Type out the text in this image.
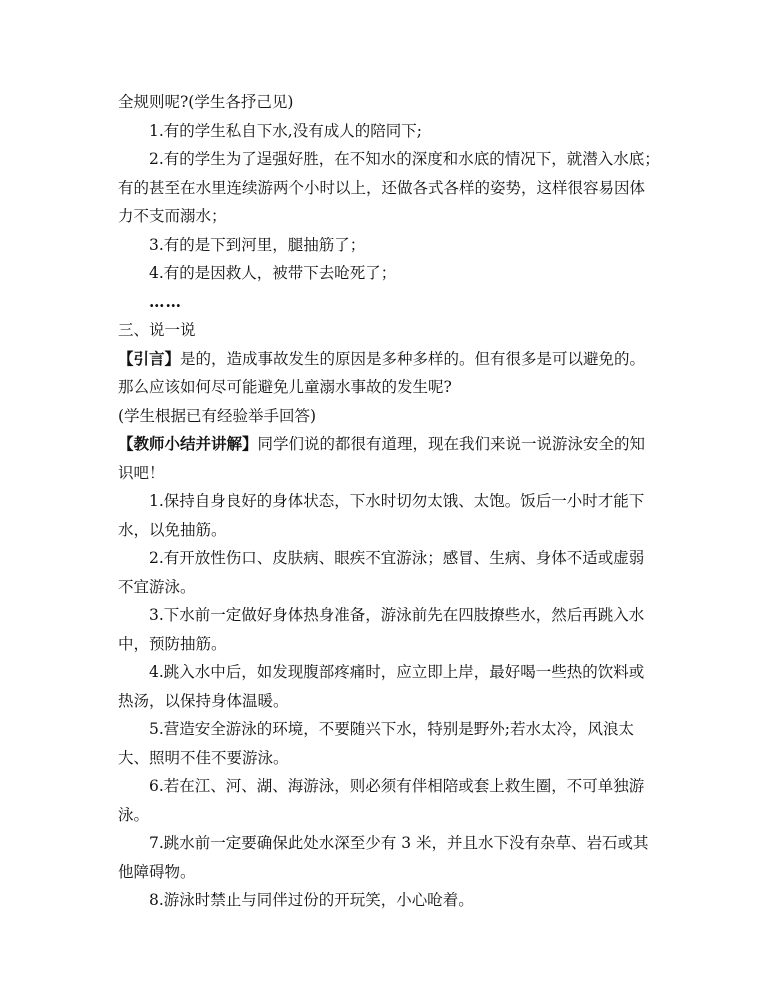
全规则呢?(学生各抒己见)

1.有的学生私自下水,没有成人的陪同下;

2.有的学生为了逞强好胜，在不知水的深度和水底的情况下，就潜入水底；

有的甚至在水里连续游两个小时以上，还做各式各样的姿势，这样很容易因体

力不支而溺水；

3.有的是下到河里，腿抽筋了；

4.有的是因救人，被带下去呛死了；

……

三、说一说

【引言】是的，造成事故发生的原因是多种多样的。但有很多是可以避免的。

那么应该如何尽可能避免儿童溺水事故的发生呢?

(学生根据已有经验举手回答)

【教师小结并讲解】同学们说的都很有道理，现在我们来说一说游泳安全的知

识吧！

1.保持自身良好的身体状态，下水时切勿太饿、太饱。饭后一小时才能下

水，以免抽筋。

2.有开放性伤口、皮肤病、眼疾不宜游泳；感冒、生病、身体不适或虚弱

不宜游泳。

3.下水前一定做好身体热身准备，游泳前先在四肢撩些水，然后再跳入水

中，预防抽筋。

4.跳入水中后，如发现腹部疼痛时，应立即上岸，最好喝一些热的饮料或

热汤，以保持身体温暖。

5.营造安全游泳的环境，不要随兴下水，特别是野外;若水太冷，风浪太

大、照明不佳不要游泳。

6.若在江、河、湖、海游泳，则必须有伴相陪或套上救生圈，不可单独游

泳。

7.跳水前一定要确保此处水深至少有 3 米，并且水下没有杂草、岩石或其

他障碍物。

8.游泳时禁止与同伴过份的开玩笑，小心呛着。
